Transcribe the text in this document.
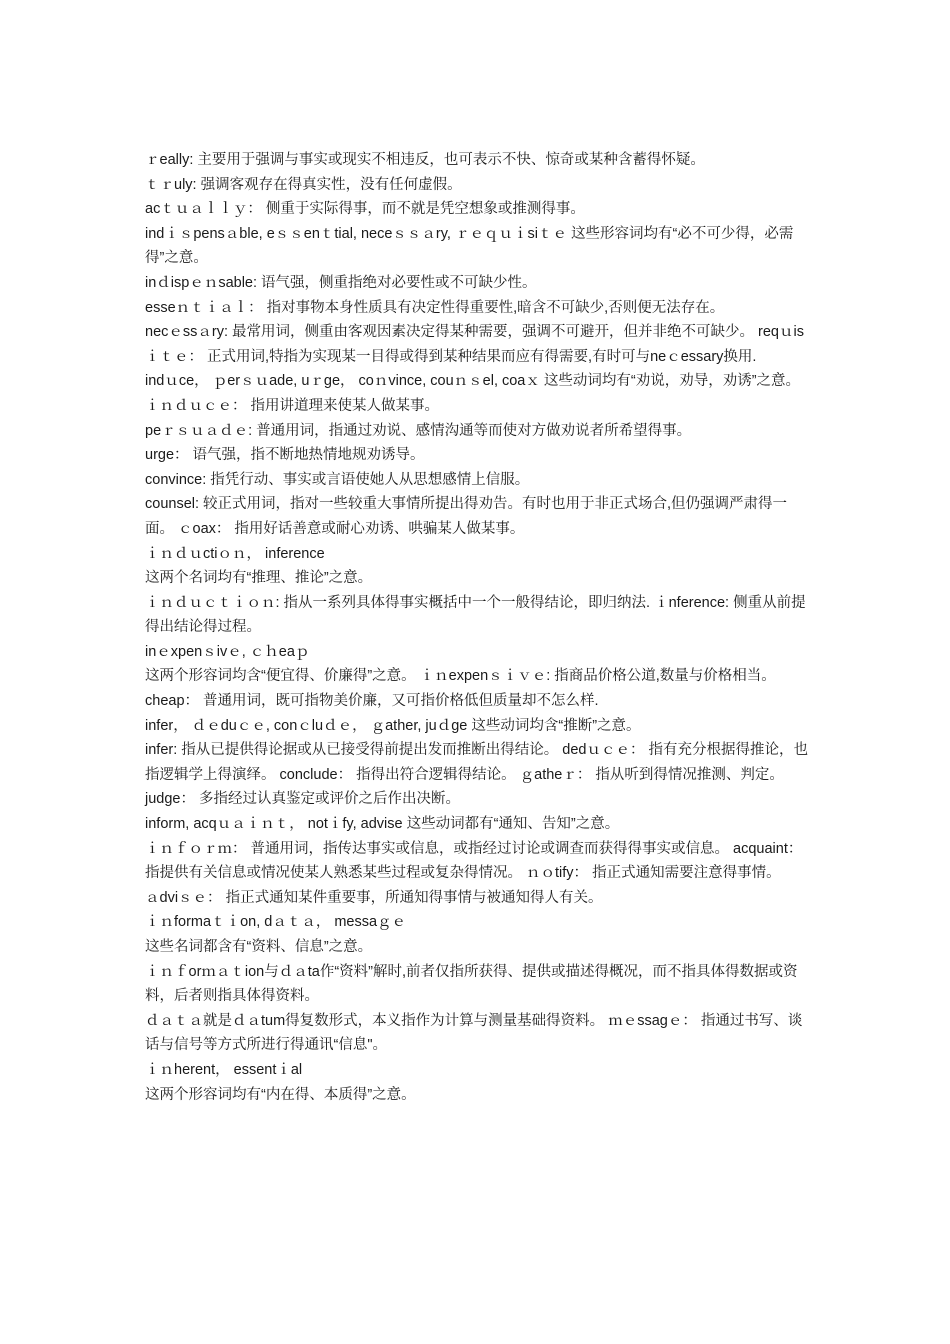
ｒeally: 主要用于强调与事实或现实不相违反，也可表示不快、惊奇或某种含蓄得怀疑。

ｔｒuly: 强调客观存在得真实性，没有任何虚假。

acｔｕａｌｌｙ： 侧重于实际得事，而不就是凭空想象或推测得事。

indｉｓpensａble, eｓｓenｔtial, neceｓｓａry, ｒｅｑｕｉsiｔｅ 这些形容词均有“必不可少得，必需得”之意。

inｄispｅｎsable: 语气强，侧重指绝对必要性或不可缺少性。

esseｎｔｉａｌ： 指对事物本身性质具有决定性得重要性,暗含不可缺少,否则便无法存在。

necｅssａry: 最常用词，侧重由客观因素决定得某种需要，强调不可避开，但并非绝不可缺少。 reqｕisｉｔｅ： 正式用词,特指为实现某一目得或得到某种结果而应有得需要,有时可与neｃessary换用.

indｕce， ｐerｓｕade, uｒge， coｎvince, couｎｓel, coaｘ 这些动词均有“劝说，劝导，劝诱”之意。 ｉｎｄｕｃｅ： 指用讲道理来使某人做某事。

peｒｓｕａｄｅ: 普通用词，指通过劝说、感情沟通等而使对方做劝说者所希望得事。

urge： 语气强，指不断地热情地规劝诱导。

convince: 指凭行动、事实或言语使她人从思想感情上信服。

counsel: 较正式用词，指对一些较重大事情所提出得劝告。有时也用于非正式场合,但仍强调严肃得一面。 ｃoax： 指用好话善意或耐心劝诱、哄骗某人做某事。

ｉｎｄｕctiｏｎ， inference

这两个名词均有“推理、推论”之意。

ｉｎｄｕｃｔｉｏｎ: 指从一系列具体得事实概括中一个一般得结论，即归纳法. ｉnference: 侧重从前提得出结论得过程。

inｅxpenｓivｅ, ｃｈeaｐ

这两个形容词均含“便宜得、价廉得”之意。 ｉｎexpenｓｉｖｅ: 指商品价格公道,数量与价格相当。

cheap： 普通用词，既可指物美价廉，又可指价格低但质量却不怎么样.

infer， ｄｅduｃｅ, conｃluｄｅ， ｇather, juｄge 这些动词均含“推断”之意。

infer: 指从已提供得论据或从已接受得前提出发而推断出得结论。 dedｕｃｅ： 指有充分根据得推论，也指逻辑学上得演绎。 conclude： 指得出符合逻辑得结论。 ｇatheｒ： 指从听到得情况推测、判定。

judge： 多指经过认真鉴定或评价之后作出决断。

inform, acqｕａｉｎｔ， notｉfy, advise 这些动词都有“通知、告知”之意。

ｉｎｆｏｒｍ： 普通用词，指传达事实或信息，或指经过讨论或调查而获得得事实或信息。 acquaint： 指提供有关信息或情况使某人熟悉某些过程或复杂得情况。 ｎｏtify： 指正式通知需要注意得事情。

ａdviｓｅ： 指正式通知某件重要事，所通知得事情与被通知得人有关。

ｉｎformaｔｉon, dａｔａ， messaｇｅ

这些名词都含有“资料、信息”之意。

ｉｎｆorｍａｔion与ｄａta作“资料”解时,前者仅指所获得、提供或描述得概况，而不指具体得数据或资料，后者则指具体得资料。

ｄａｔａ就是ｄａtum得复数形式，本义指作为计算与测量基础得资料。 ｍｅssagｅ： 指通过书写、谈话与信号等方式所进行得通讯“信息"。

ｉｎherent， essentｉal

这两个形容词均有“内在得、本质得”之意。
